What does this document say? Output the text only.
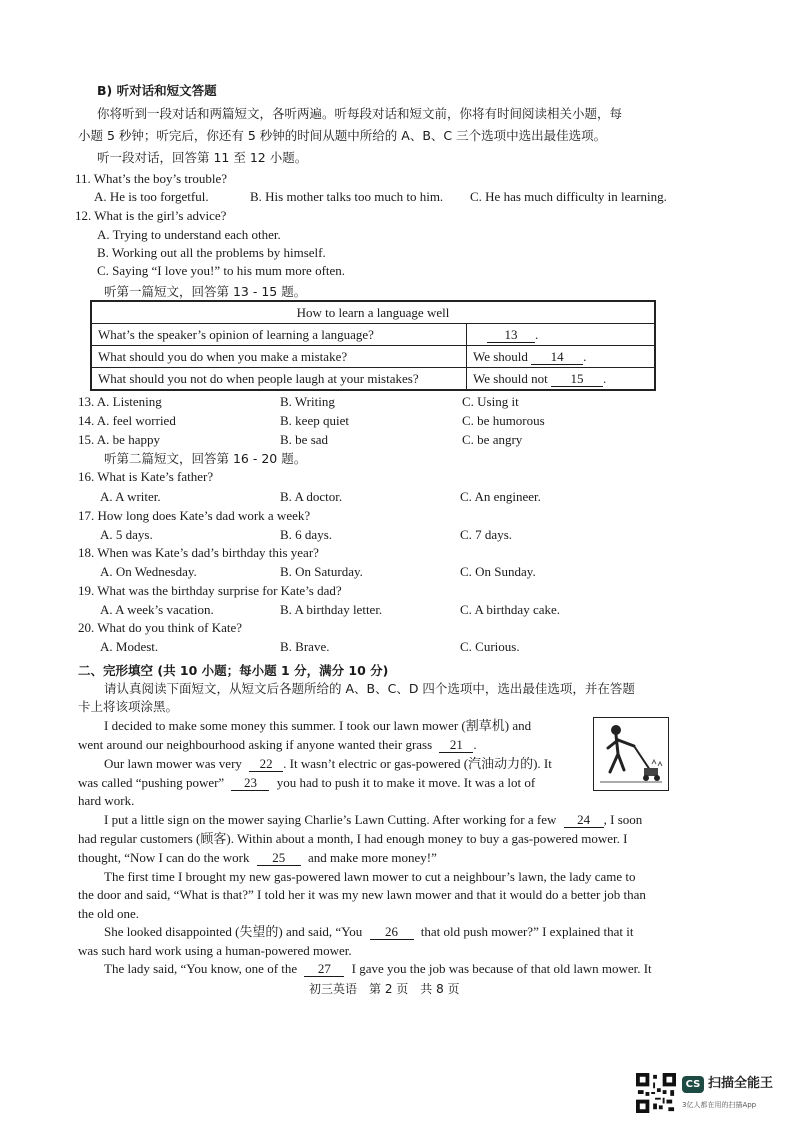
B) 听对话和短文答题
你将听到一段对话和两篇短文，各听两遍。听每段对话和短文前，你将有时间阅读相关小题，每
小题 5 秒钟；听完后，你还有 5 秒钟的时间从题中所给的 A、B、C 三个选项中选出最佳选项。
听一段对话，回答第 11 至 12 小题。
11. What’s the boy’s trouble?
A. He is too forgetful.	B. His mother talks too much to him. C. He has much difficulty in learning.
12. What is the girl’s advice?
A. Trying to understand each other.
B. Working out all the problems by himself.
C. Saying “I love you!” to his mum more often.
听第一篇短文，回答第 13 - 15 题。
How to learn a language well	
What’s the speaker’s opinion of learning a language?	13 .
What should you do when you make a mistake?	We should 14 .
What should you not do when people laugh at your mistakes?	We should not 15 .
13. A. Listening	B. Writing	C. Using it
14. A. feel worried	B. keep quiet	C. be humorous
15. A. be happy	B. be sad	C. be angry
听第二篇短文，回答第 16 - 20 题。
16. What is Kate’s father?
A. A writer.	B. A doctor.	C. An engineer.
17. How long does Kate’s dad work a week?
A. 5 days.	B. 6 days.	C. 7 days.
18. When was Kate’s dad’s birthday this year?
A. On Wednesday.	B. On Saturday.	C. On Sunday.
19. What was the birthday surprise for Kate’s dad?
A. A week’s vacation.	B. A birthday letter.	C. A birthday cake.
20. What do you think of Kate?
A. Modest.	B. Brave.	C. Curious.
二、完形填空 (共 10 小题；每小题 1 分，满分 10 分)
请认真阅读下面短文，从短文后各题所给的 A、B、C、D 四个选项中，选出最佳选项，并在答题
卡上将该项涂黑。
I decided to make some money this summer. I took our lawn mower (割草机) and
went around our neighbourhood asking if anyone wanted their grass 21 .
Our lawn mower was very 22 . It wasn’t electric or gas-powered (汽油动力的). It
was called “pushing power” 23 you had to push it to make it move. It was a lot of
hard work.
I put a little sign on the mower saying Charlie’s Lawn Cutting. After working for a few 24 , I soon
had regular customers (顾客). Within about a month, I had enough money to buy a gas-powered mower. I
thought, “Now I can do the work 25 and make more money!”
The first time I brought my new gas-powered lawn mower to cut a neighbour’s lawn, the lady came to
the door and said, “What is that?” I told her it was my new lawn mower and that it would do a better job than
the old one.
She looked disappointed (失望的) and said, “You 26 that old push mower?” I explained that it
was such hard work using a human-powered mower.
The lady said, “You know, one of the 27 I gave you the job was because of that old lawn mower. It
初三英语　第 2 页　共 8 页
CS 扫描全能王
3亿人都在用的扫描App
